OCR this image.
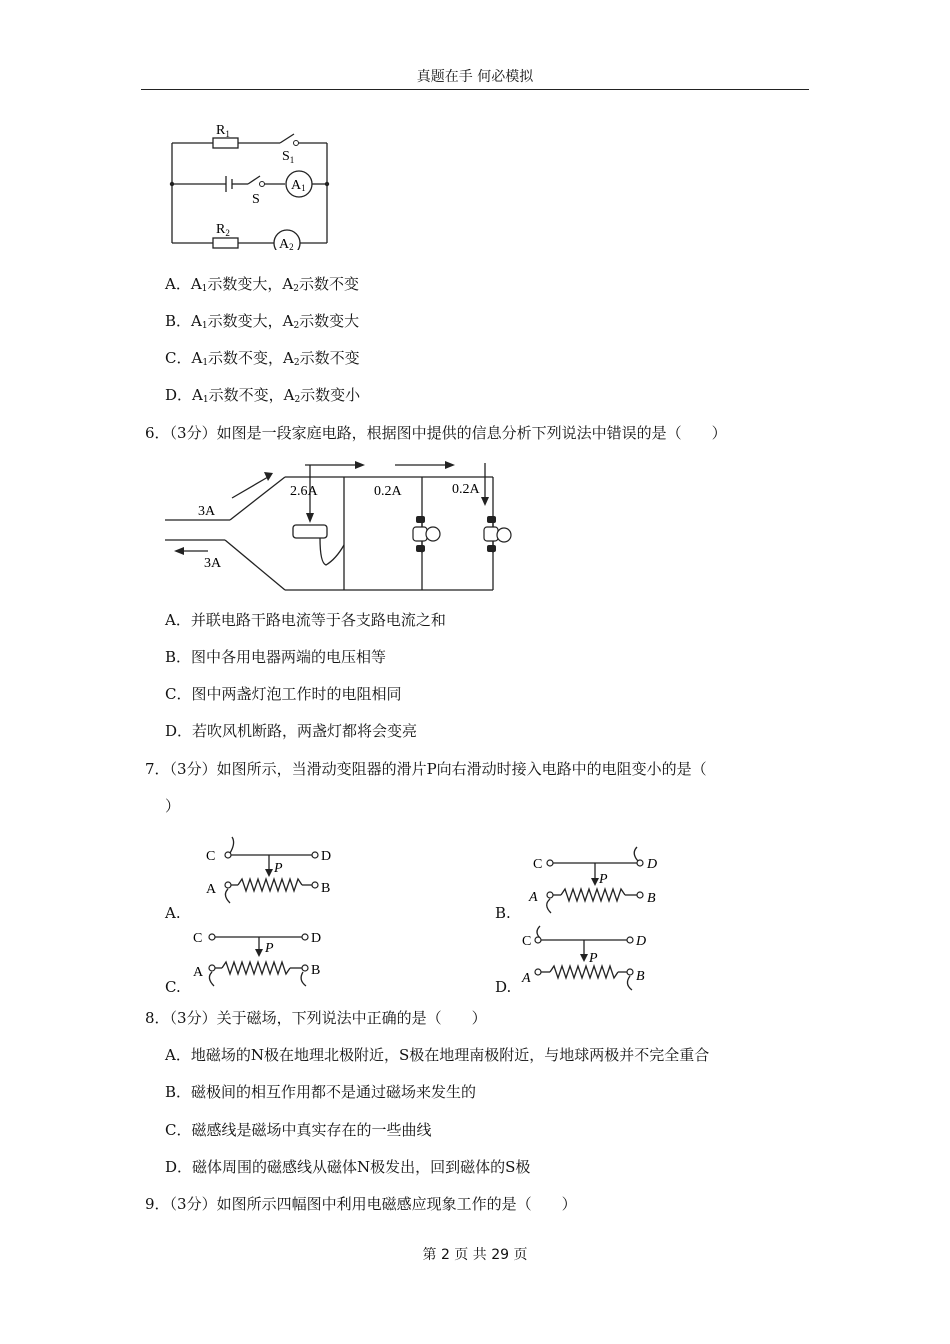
真题在手 何必模拟
$R_1$
$S_1$
S
A1
$R_2$
A2
A．$A_1$示数变大，$A_2$示数不变
B．$A_1$示数变大，$A_2$示数变大
C．$A_1$示数不变，$A_2$示数不变
D．$A_1$示数不变，$A_2$示数变小
6．（3分）如图是一段家庭电路，根据图中提供的信息分析下列说法中错误的是（　　）
3A
3A
2.6A	0.2A	0.2A
A．并联电路干路电流等于各支路电流之和
B．图中各用电器两端的电压相等
C．图中两盏灯泡工作时的电阻相同
D．若吹风机断路，两盏灯都将会变亮
7．（3分）如图所示，当滑动变阻器的滑片P向右滑动时接入电路中的电阻变小的是（
）
A.	B.
C.	D.
C	D
A	B
P	C	D
A	B
P
C	D
A	B
P	C	D
A	B
P
8．（3分）关于磁场，下列说法中正确的是（　　）
A．地磁场的N极在地理北极附近，S极在地理南极附近，与地球两极并不完全重合
B．磁极间的相互作用都不是通过磁场来发生的
C．磁感线是磁场中真实存在的一些曲线
D．磁体周围的磁感线从磁体N极发出，回到磁体的S极
9．（3分）如图所示四幅图中利用电磁感应现象工作的是（　　）
第 2 页 共 29 页
